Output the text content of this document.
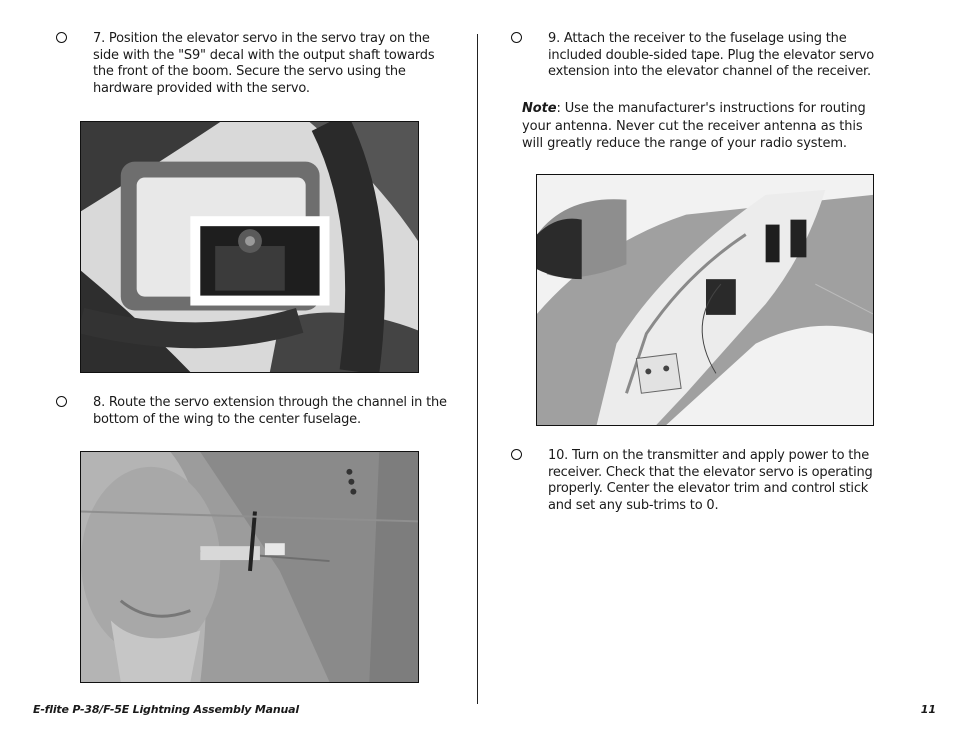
7. Position the elevator servo in the servo tray on the side with the "S9" decal with the output shaft towards the front of the boom. Secure the servo using the hardware provided with the servo.
8. Route the servo extension through the channel in the bottom of the wing to the center fuselage.
9. Attach the receiver to the fuselage using the included double-sided tape. Plug the elevator servo extension into the elevator channel of the receiver.
Note: Use the manufacturer's instructions for routing your antenna. Never cut the receiver antenna as this will greatly reduce the range of your radio system.
10. Turn on the transmitter and apply power to the receiver. Check that the elevator servo is operating properly. Center the elevator trim and control stick and set any sub-trims to 0.
E-flite P-38/F-5E Lightning Assembly Manual	11
